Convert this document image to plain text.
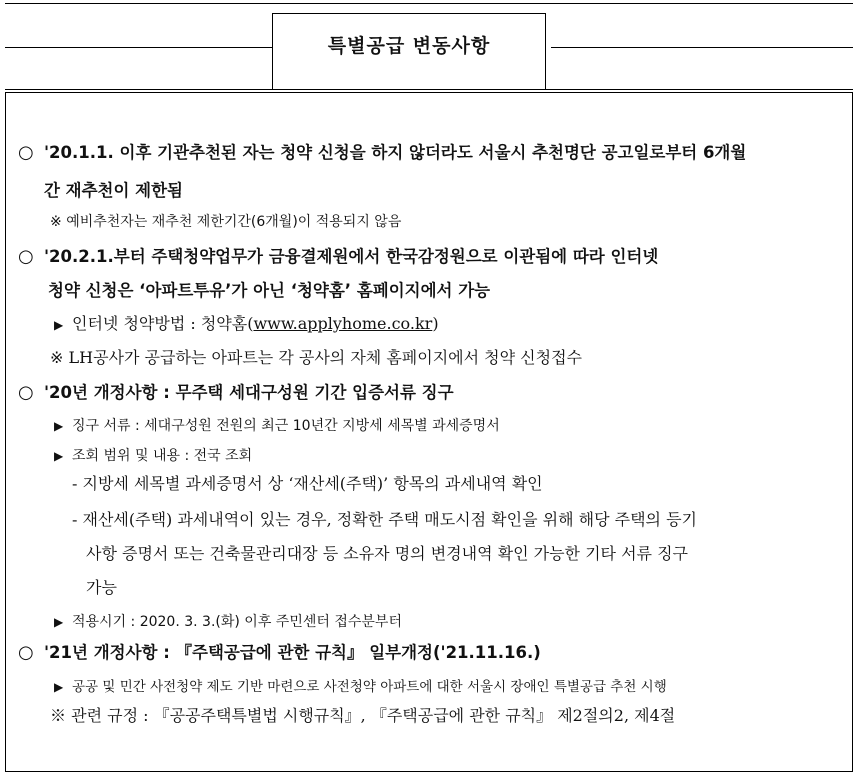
특별공급 변동사항
○ '20.1.1. 이후 기관추천된 자는 청약 신청을 하지 않더라도 서울시 추천명단 공고일로부터 6개월
간 재추천이 제한됨
※ 예비추천자는 재추천 제한기간(6개월)이 적용되지 않음
○ '20.2.1.부터 주택청약업무가 금융결제원에서 한국감정원으로 이관됨에 따라 인터넷
청약 신청은 ‘아파트투유’가 아닌 ‘청약홈’ 홈페이지에서 가능
▶ 인터넷 청약방법 : 청약홈(www.applyhome.co.kr)
※ LH공사가 공급하는 아파트는 각 공사의 자체 홈페이지에서 청약 신청접수
○ '20년 개정사항 : 무주택 세대구성원 기간 입증서류 징구
▶ 징구 서류 : 세대구성원 전원의 최근 10년간 지방세 세목별 과세증명서
▶ 조회 범위 및 내용 : 전국 조회
- 지방세 세목별 과세증명서 상 ‘재산세(주택)’ 항목의 과세내역 확인
- 재산세(주택) 과세내역이 있는 경우, 정확한 주택 매도시점 확인을 위해 해당 주택의 등기
사항 증명서 또는 건축물관리대장 등 소유자 명의 변경내역 확인 가능한 기타 서류 징구
가능
▶ 적용시기 : 2020. 3. 3.(화) 이후 주민센터 접수분부터
○ '21년 개정사항 : 『주택공급에 관한 규칙』 일부개정('21.11.16.)
▶ 공공 및 민간 사전청약 제도 기반 마련으로 사전청약 아파트에 대한 서울시 장애인 특별공급 추천 시행
※ 관련 규정 : 『공공주택특별법 시행규칙』, 『주택공급에 관한 규칙』 제2절의2, 제4절
